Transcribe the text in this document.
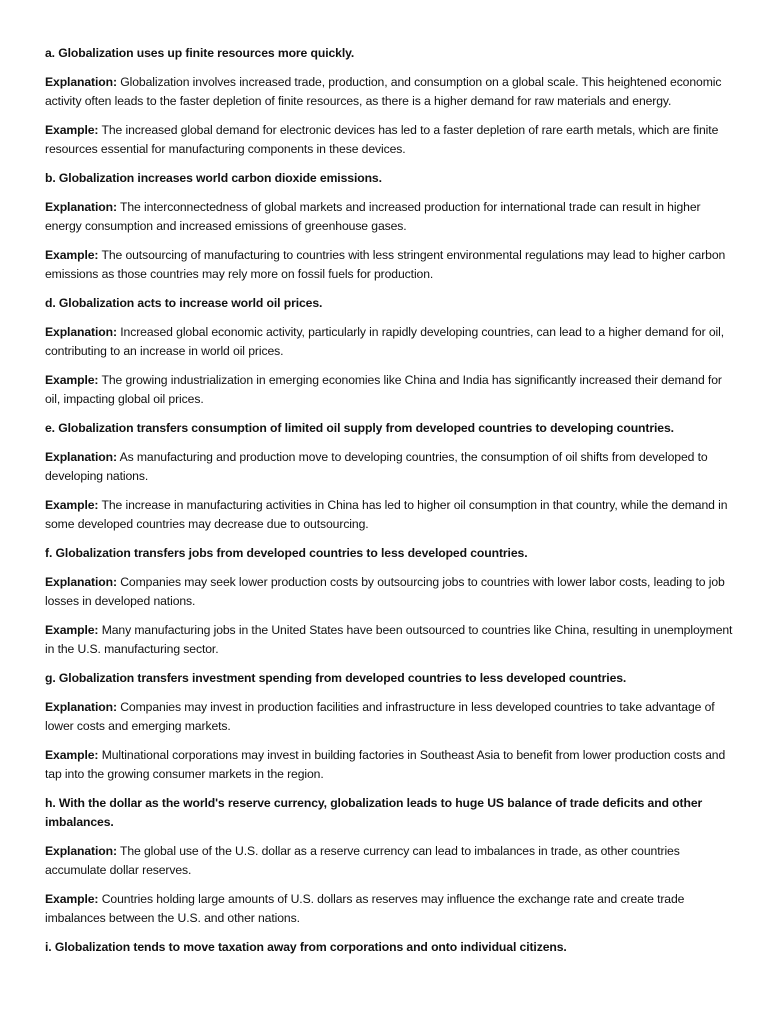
a. Globalization uses up finite resources more quickly.

Explanation: Globalization involves increased trade, production, and consumption on a global scale. This heightened economic activity often leads to the faster depletion of finite resources, as there is a higher demand for raw materials and energy.

Example: The increased global demand for electronic devices has led to a faster depletion of rare earth metals, which are finite resources essential for manufacturing components in these devices.

b. Globalization increases world carbon dioxide emissions.

Explanation: The interconnectedness of global markets and increased production for international trade can result in higher energy consumption and increased emissions of greenhouse gases.

Example: The outsourcing of manufacturing to countries with less stringent environmental regulations may lead to higher carbon emissions as those countries may rely more on fossil fuels for production.

d. Globalization acts to increase world oil prices.

Explanation: Increased global economic activity, particularly in rapidly developing countries, can lead to a higher demand for oil, contributing to an increase in world oil prices.

Example: The growing industrialization in emerging economies like China and India has significantly increased their demand for oil, impacting global oil prices.

e. Globalization transfers consumption of limited oil supply from developed countries to developing countries.

Explanation: As manufacturing and production move to developing countries, the consumption of oil shifts from developed to developing nations.

Example: The increase in manufacturing activities in China has led to higher oil consumption in that country, while the demand in some developed countries may decrease due to outsourcing.

f. Globalization transfers jobs from developed countries to less developed countries.

Explanation: Companies may seek lower production costs by outsourcing jobs to countries with lower labor costs, leading to job losses in developed nations.

Example: Many manufacturing jobs in the United States have been outsourced to countries like China, resulting in unemployment in the U.S. manufacturing sector.

g. Globalization transfers investment spending from developed countries to less developed countries.

Explanation: Companies may invest in production facilities and infrastructure in less developed countries to take advantage of lower costs and emerging markets.

Example: Multinational corporations may invest in building factories in Southeast Asia to benefit from lower production costs and tap into the growing consumer markets in the region.

h. With the dollar as the world's reserve currency, globalization leads to huge US balance of trade deficits and other imbalances.

Explanation: The global use of the U.S. dollar as a reserve currency can lead to imbalances in trade, as other countries accumulate dollar reserves.

Example: Countries holding large amounts of U.S. dollars as reserves may influence the exchange rate and create trade imbalances between the U.S. and other nations.

i. Globalization tends to move taxation away from corporations and onto individual citizens.
